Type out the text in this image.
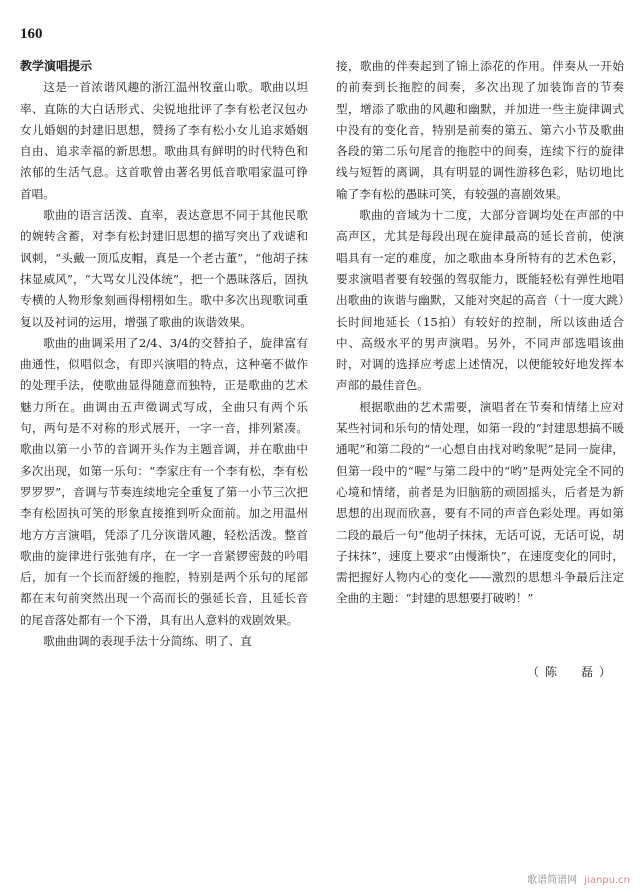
160
教学演唱提示

这是一首浓谐风趣的浙江温州牧童山歌。歌曲以坦率、直陈的大白话形式、尖锐地批评了李有松老汉包办女儿婚姻的封建旧思想，赞扬了李有松小女儿追求婚姻自由、追求幸福的新思想。歌曲具有鲜明的时代特色和浓郁的生活气息。这首歌曾由著名男低音歌唱家温可铮首唱。

歌曲的语言活泼、直率，表达意思不同于其他民歌的婉转含蓄，对李有松封建旧思想的描写突出了戏谑和讽刺，“头戴一顶瓜皮帽，真是一个老古董”，“他胡子抹抹显威风”，“大骂女儿没体统”，把一个愚昧落后，固执专横的人物形象刻画得栩栩如生。歌中多次出现歌词重复以及衬词的运用，增强了歌曲的诙谐效果。

歌曲的曲调采用了2/4、3/4的交替拍子，旋律富有曲通性，似唱似念，有即兴演唱的特点，这种毫不做作的处理手法，使歌曲显得随意而独特，正是歌曲的艺术魅力所在。曲调由五声徵调式写成，全曲只有两个乐句，两句是不对称的形式展开，一字一音，排列紧凑。歌曲以第一小节的音调开头作为主题音调，并在歌曲中多次出现，如第一乐句：“李家庄有一个李有松，李有松罗罗罗”，音调与节奏连续地完全重复了第一小节三次把李有松固执可笑的形象直接推到听众面前。加之用温州地方方言演唱，凭添了几分诙谐风趣，轻松活泼。整首歌曲的旋律进行张弛有序，在一字一音紧锣密鼓的吟唱后，加有一个长而舒缓的拖腔，特别是两个乐句的尾部都在末句前突然出现一个高而长的强延长音，且延长音的尾音落处都有一个下滑，具有出人意料的戏剧效果。

歌曲曲调的表现手法十分简练、明了、直

接，歌曲的伴奏起到了锦上添花的作用。伴奏从一开始的前奏到长拖腔的间奏，多次出现了加装饰音的节奏型，增添了歌曲的风趣和幽默，并加进一些主旋律调式中没有的变化音，特别是前奏的第五、第六小节及歌曲各段的第二乐句尾音的拖腔中的间奏，连续下行的旋律线与短暂的离调，具有明显的调性游移色彩，贴切地比喻了李有松的愚昧可笑，有较强的喜剧效果。

歌曲的音域为十二度，大部分音调均处在声部的中高声区，尤其是每段出现在旋律最高的延长音前，使演唱具有一定的难度，加之歌曲本身所特有的艺术色彩，要求演唱者要有较强的驾驭能力，既能轻松有弹性地唱出歌曲的诙谐与幽默，又能对突起的高音（十一度大跳）长时间地延长（15拍）有较好的控制，所以该曲适合中、高级水平的男声演唱。另外，不同声部选唱该曲时，对调的选择应考虑上述情况，以便能较好地发挥本声部的最佳音色。

根据歌曲的艺术需要，演唱者在节奏和情绪上应对某些衬词和乐句的情处理，如第一段的“封建思想搞不暖通呢”和第二段的“一心想自由找对哟象呢”是同一旋律，但第一段中的“喔”与第二段中的“哟”是两处完全不同的心境和情绪，前者是为旧脑筋的顽固摇头，后者是为新思想的出现而欣喜，要有不同的声音色彩处理。再如第二段的最后一句“他胡子抹抹，无话可说，无话可说，胡子抹抹”，速度上要求“由慢渐快”，在速度变化的同时，需把握好人物内心的变化——激烈的思想斗争最后注定全曲的主题：“封建的思想要打破哟！”

（陈　磊）
歌谱简谱网 jianpu.cn
